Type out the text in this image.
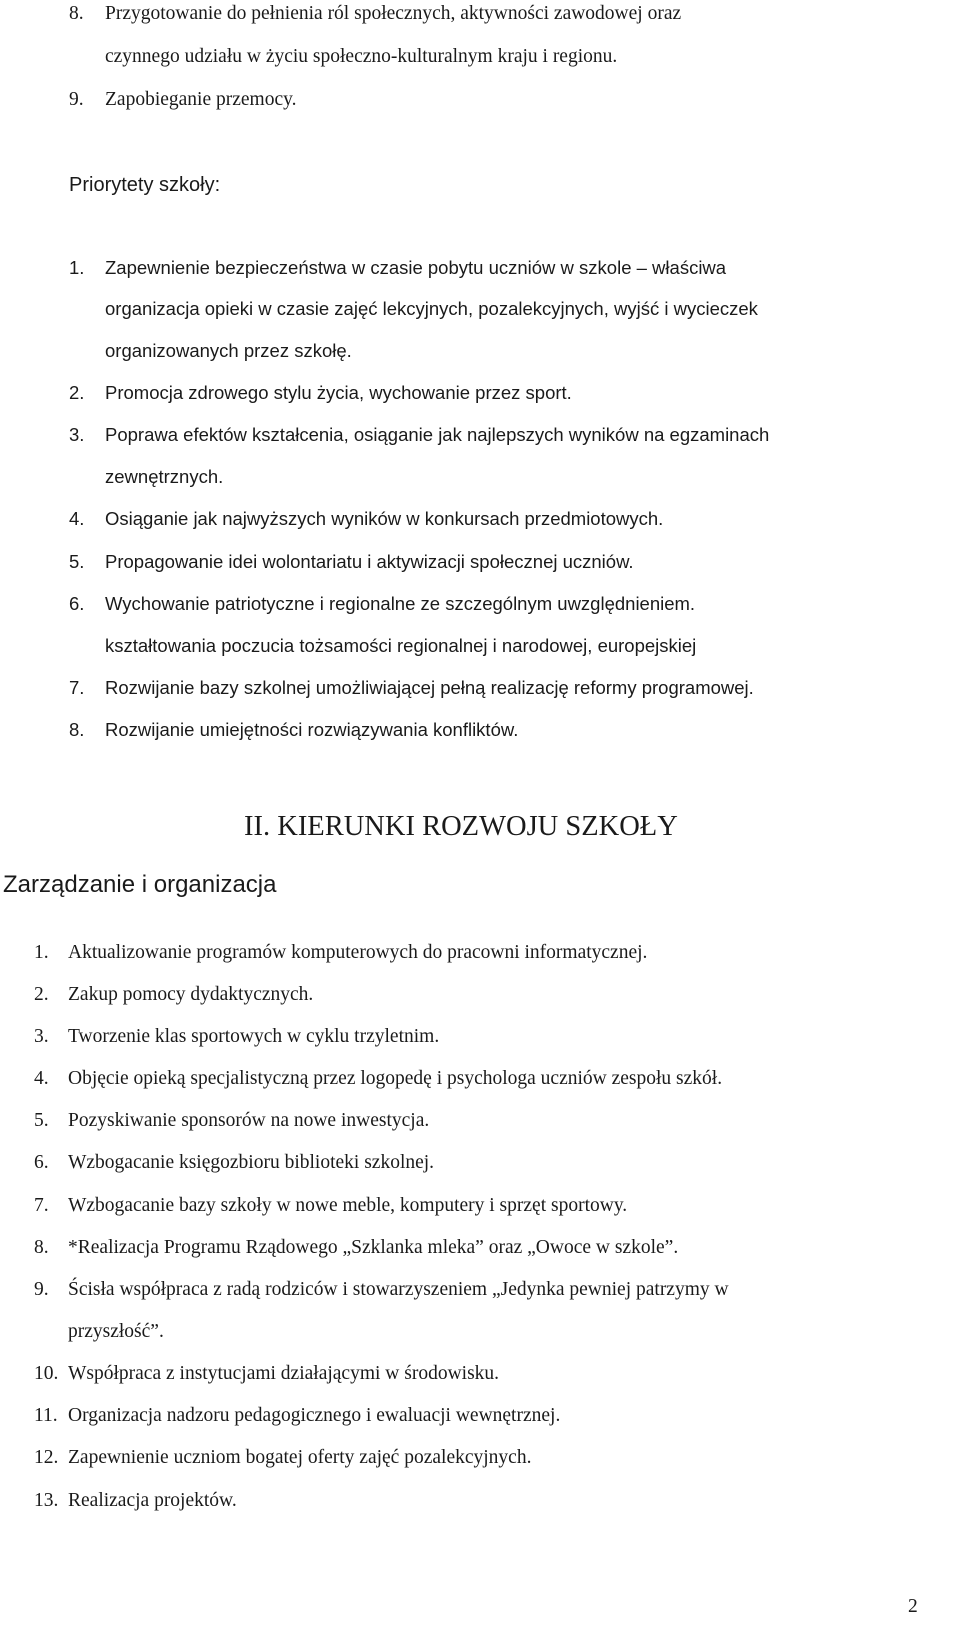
8. Przygotowanie do pełnienia ról społecznych, aktywności zawodowej oraz
czynnego udziału w życiu społeczno-kulturalnym kraju i regionu.
9. Zapobieganie przemocy.
Priorytety szkoły:
1. Zapewnienie bezpieczeństwa w czasie pobytu uczniów w szkole – właściwa
organizacja opieki w czasie zajęć lekcyjnych, pozalekcyjnych, wyjść i wycieczek
organizowanych przez szkołę.
2. Promocja zdrowego stylu życia, wychowanie przez sport.
3. Poprawa efektów kształcenia, osiąganie jak najlepszych wyników na egzaminach
zewnętrznych.
4. Osiąganie jak najwyższych wyników w konkursach przedmiotowych.
5. Propagowanie idei wolontariatu i aktywizacji społecznej uczniów.
6. Wychowanie patriotyczne i regionalne ze szczególnym uwzględnieniem.
kształtowania poczucia tożsamości regionalnej i narodowej, europejskiej
7. Rozwijanie bazy szkolnej umożliwiającej pełną realizację reformy programowej.
8. Rozwijanie umiejętności rozwiązywania konfliktów.
II. KIERUNKI ROZWOJU SZKOŁY
Zarządzanie i organizacja
1. Aktualizowanie programów komputerowych do pracowni informatycznej.
2. Zakup pomocy dydaktycznych.
3. Tworzenie klas sportowych w cyklu trzyletnim.
4. Objęcie opieką specjalistyczną przez logopedę i psychologa uczniów zespołu szkół.
5. Pozyskiwanie sponsorów na nowe inwestycja.
6. Wzbogacanie księgozbioru biblioteki szkolnej.
7. Wzbogacanie bazy szkoły w nowe meble, komputery i sprzęt sportowy.
8. *Realizacja Programu Rządowego „Szklanka mleka” oraz „Owoce w szkole”.
9. Ścisła współpraca z radą rodziców i stowarzyszeniem „Jedynka pewniej patrzymy w
przyszłość”.
10. Współpraca z instytucjami działającymi w środowisku.
11. Organizacja nadzoru pedagogicznego i ewaluacji wewnętrznej.
12. Zapewnienie uczniom bogatej oferty zajęć pozalekcyjnych.
13. Realizacja projektów.
2
